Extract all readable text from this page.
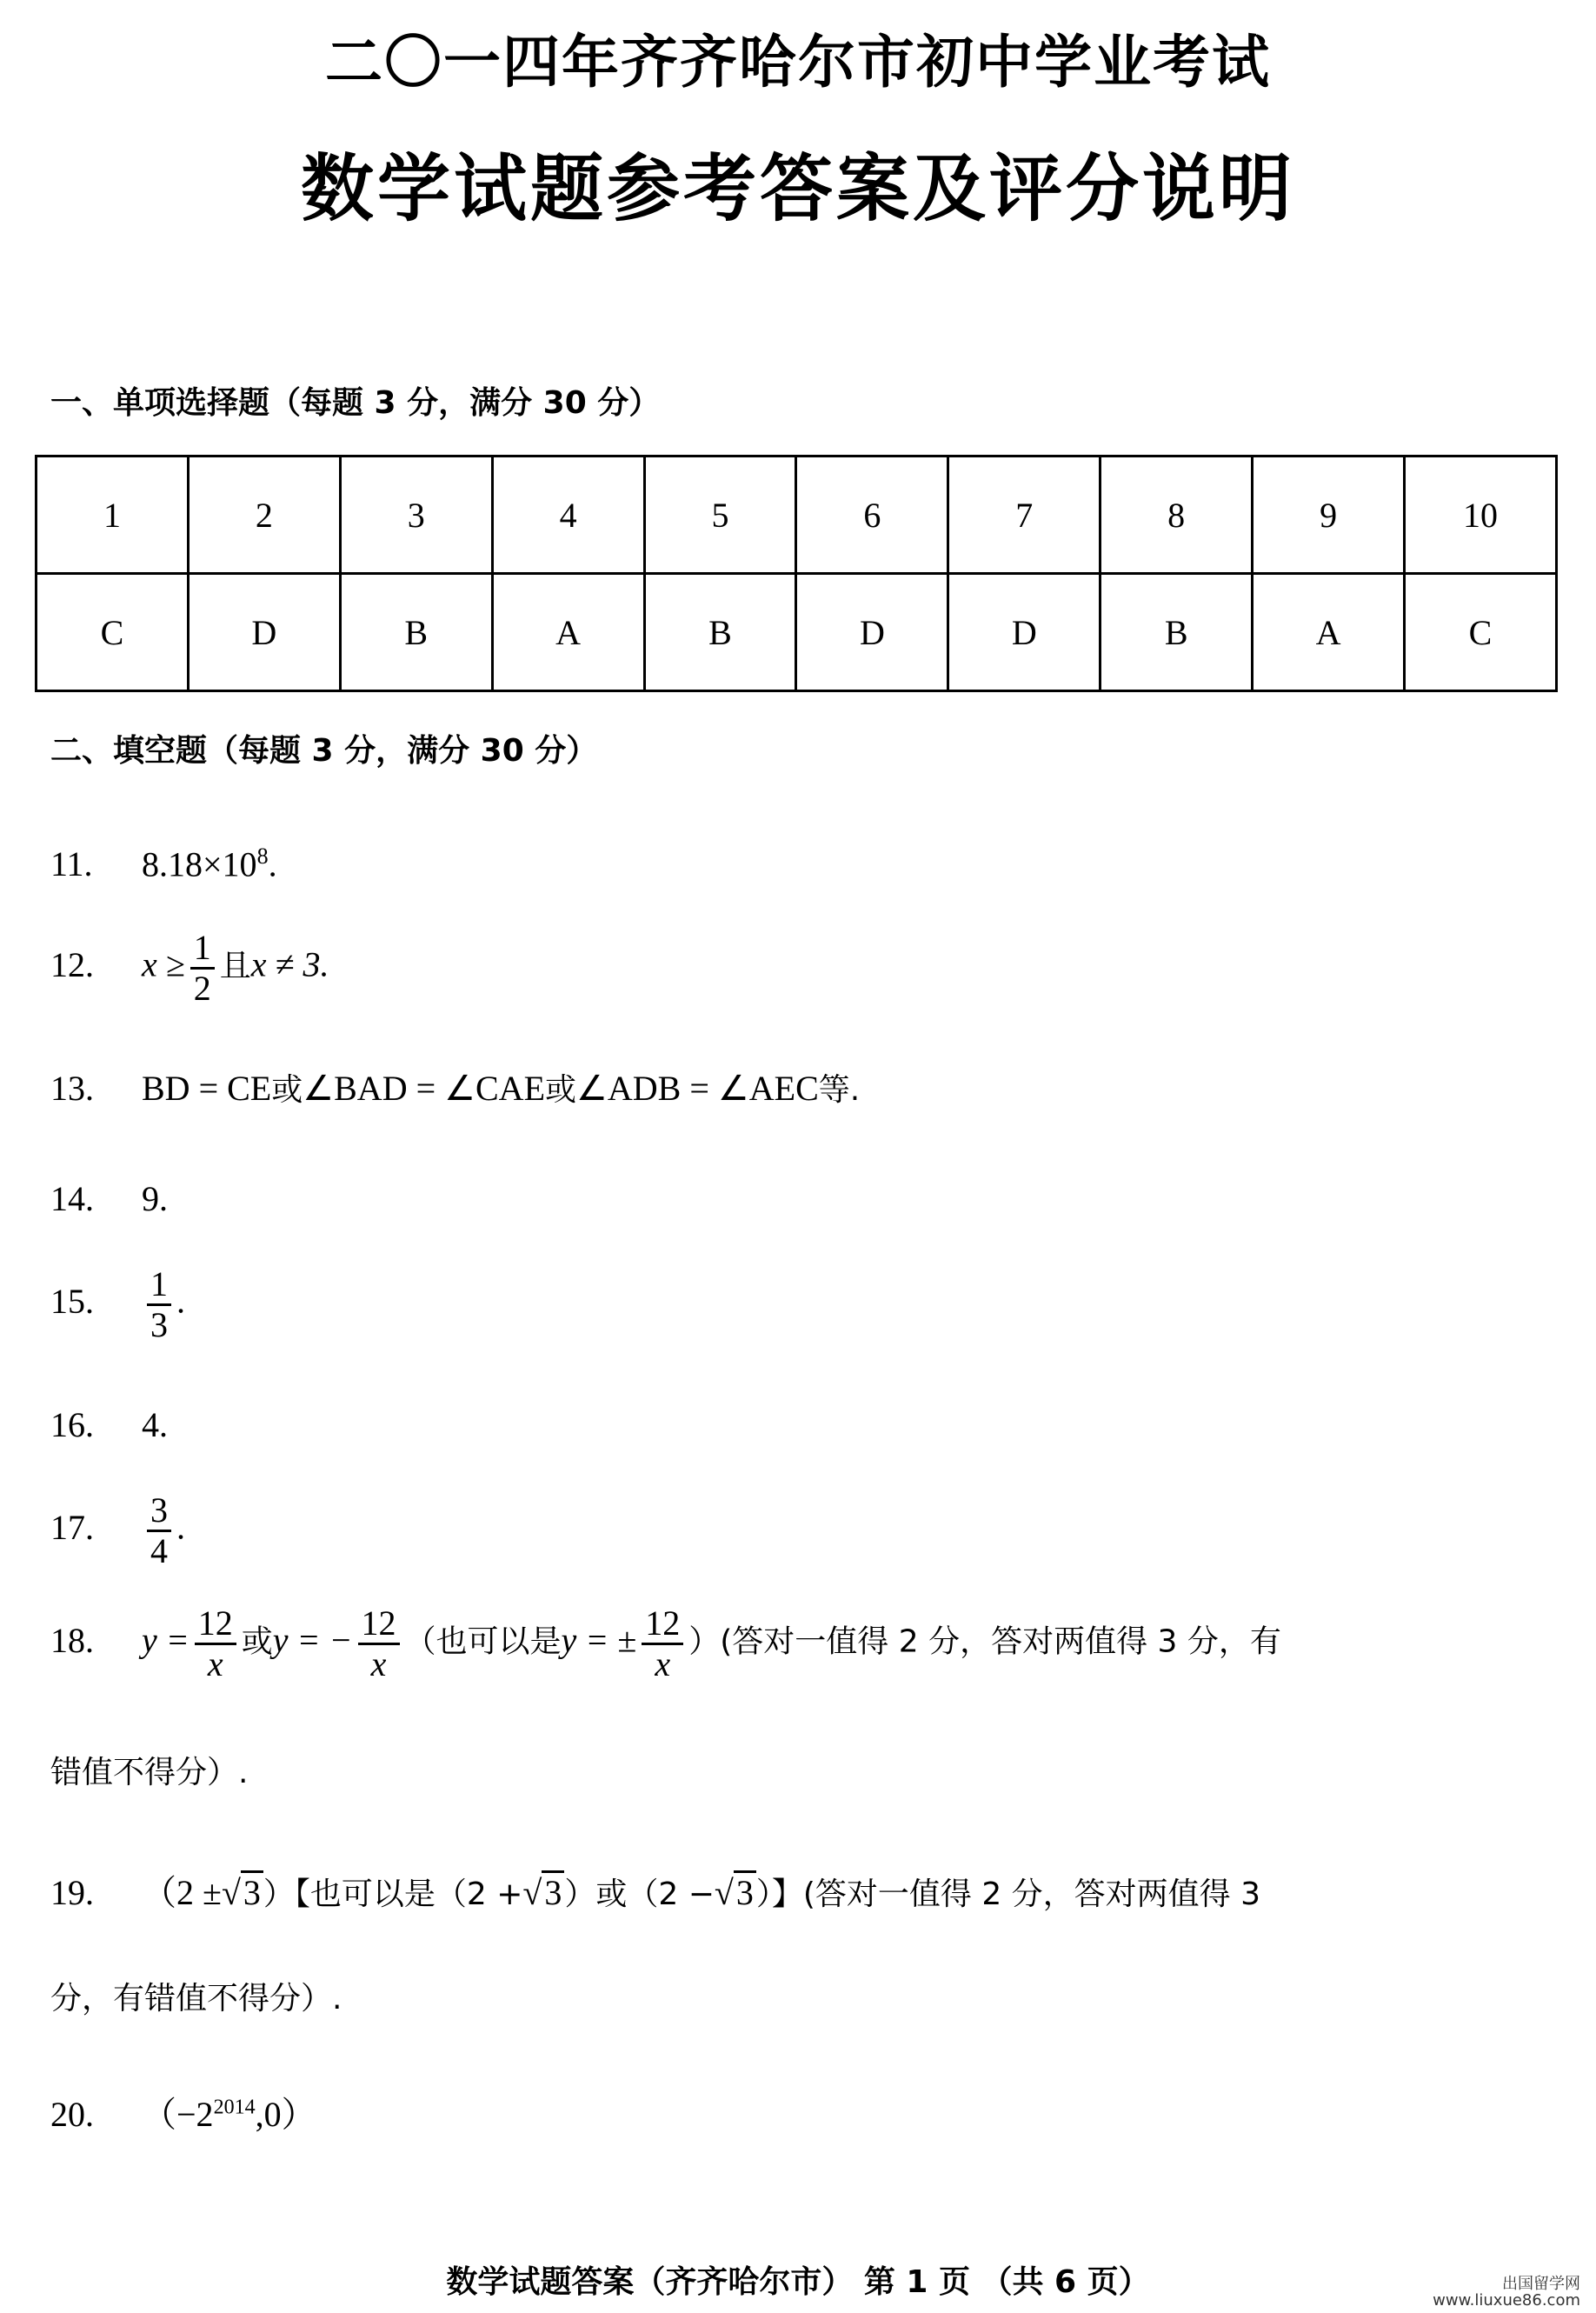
二〇一四年齐齐哈尔市初中学业考试
数学试题参考答案及评分说明
一、单项选择题（每题 3 分，满分 30 分）
1	2	3	4	5	6	7	8	9	10
C	D	B	A	B	D	D	B	A	C
二、填空题（每题 3 分，满分 30 分）
11. $8.18\times 10^8$.
12. $x \ge \frac{1}{2}$ 且x ≠ 3.
13. BD = CE或∠BAD = ∠CAE或∠ADB = ∠AEC等.
14. 9.
15. $\frac{1}{3}$ .
16. 4.
17. $\frac{3}{4}$ .
18. $y = \frac{12}{x}$ 或y = − $\frac{12}{x}$ （也可以是y = ± $\frac{12}{x}$ ）(答对一值得 2 分，答对两值得 3 分，有
错值不得分）.
19. （2 ±√3）【也可以是（2 +√3）或（2 −√3）】(答对一值得 2 分，答对两值得 3
分，有错值不得分）.
20. $(-2^{2014},0)$
数学试题答案（齐齐哈尔市） 第 1 页 （共 6 页）	出国留学网
www.liuxue86.com
